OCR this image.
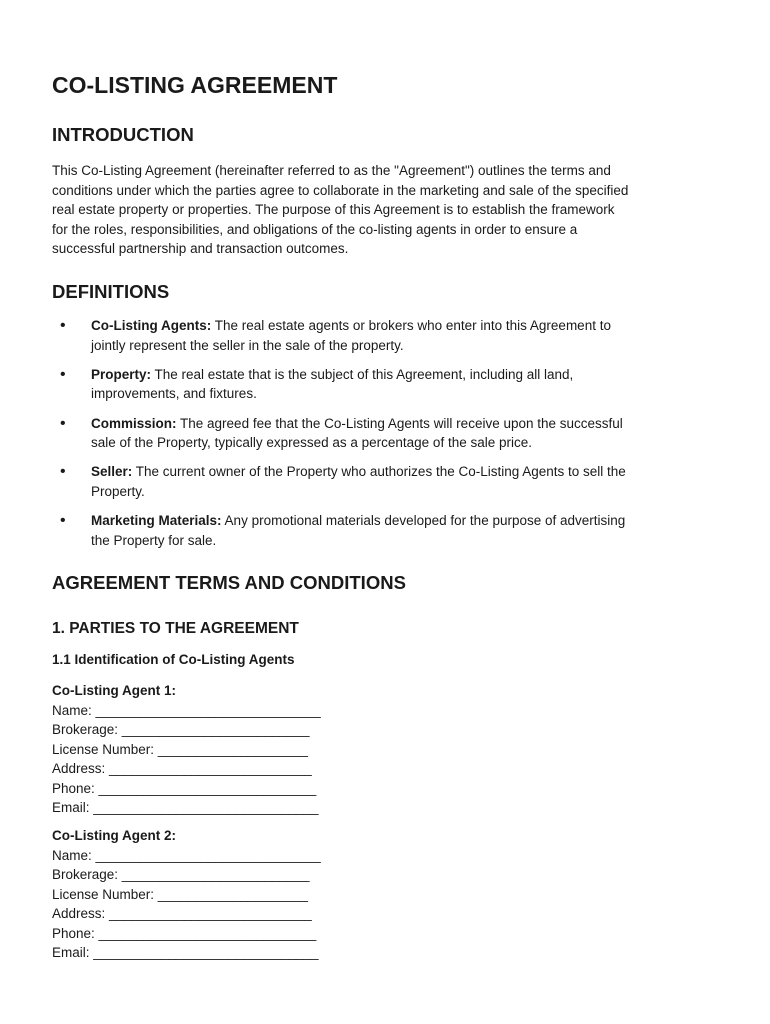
CO-LISTING AGREEMENT
INTRODUCTION
This Co-Listing Agreement (hereinafter referred to as the "Agreement") outlines the terms and
conditions under which the parties agree to collaborate in the marketing and sale of the specified
real estate property or properties. The purpose of this Agreement is to establish the framework
for the roles, responsibilities, and obligations of the co-listing agents in order to ensure a
successful partnership and transaction outcomes.
DEFINITIONS
• Co-Listing Agents: The real estate agents or brokers who enter into this Agreement to
jointly represent the seller in the sale of the property.
• Property: The real estate that is the subject of this Agreement, including all land,
improvements, and fixtures.
• Commission: The agreed fee that the Co-Listing Agents will receive upon the successful
sale of the Property, typically expressed as a percentage of the sale price.
• Seller: The current owner of the Property who authorizes the Co-Listing Agents to sell the
Property.
• Marketing Materials: Any promotional materials developed for the purpose of advertising
the Property for sale.
AGREEMENT TERMS AND CONDITIONS
1. PARTIES TO THE AGREEMENT
1.1 Identification of Co-Listing Agents
Co-Listing Agent 1:
Name: ______________________________
Brokerage: _________________________
License Number: ____________________
Address: ___________________________
Phone: _____________________________
Email: ______________________________
Co-Listing Agent 2:
Name: ______________________________
Brokerage: _________________________
License Number: ____________________
Address: ___________________________
Phone: _____________________________
Email: ______________________________
